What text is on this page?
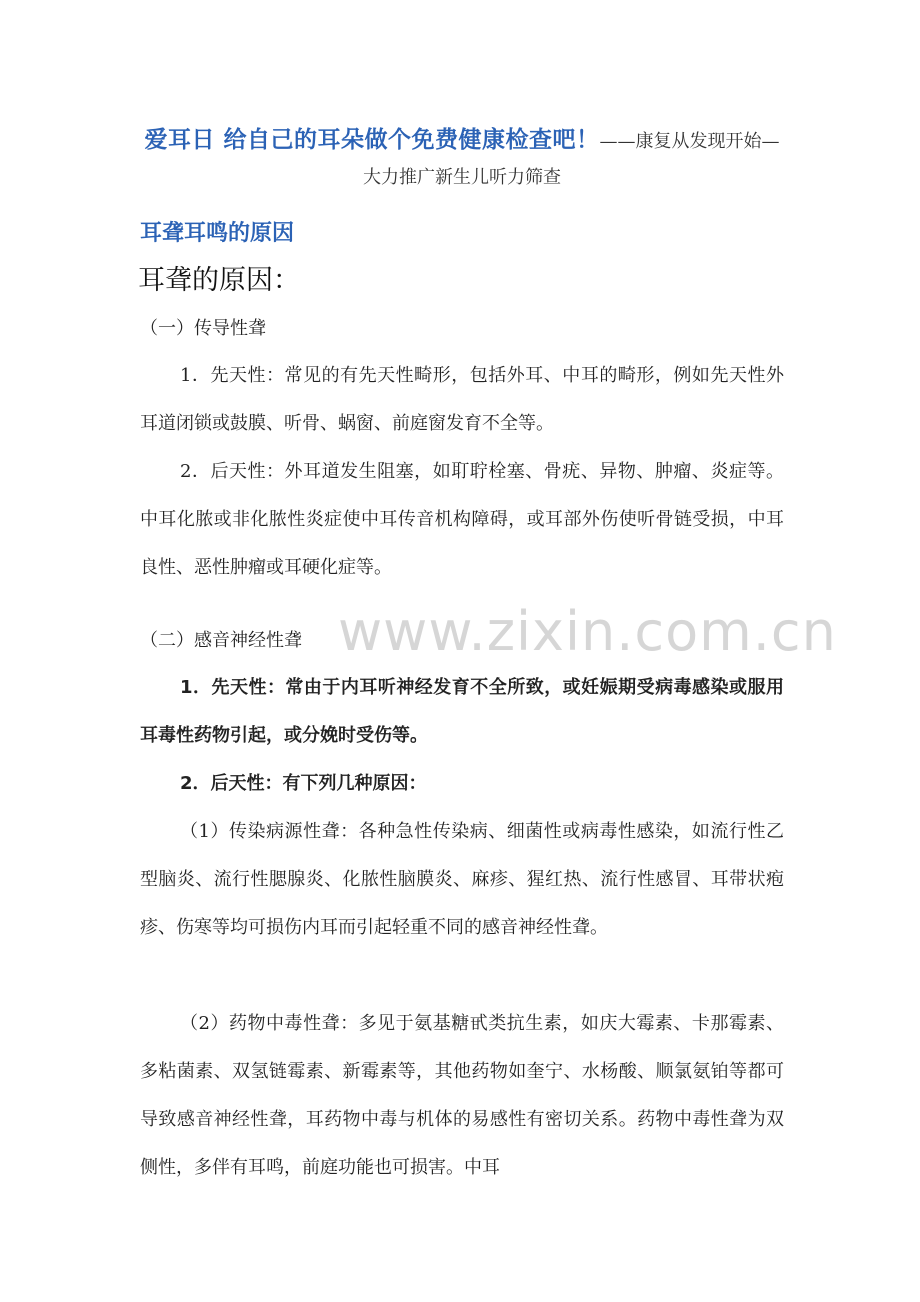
爱耳日 给自己的耳朵做个免费健康检查吧！——康复从发现开始—大力推广新生儿听力筛查
耳聋耳鸣的原因
耳聋的原因：
（一）传导性聋
1．先天性：常见的有先天性畸形，包括外耳、中耳的畸形，例如先天性外耳道闭锁或鼓膜、听骨、蜗窗、前庭窗发育不全等。
2．后天性：外耳道发生阻塞，如耵聍栓塞、骨疣、异物、肿瘤、炎症等。中耳化脓或非化脓性炎症使中耳传音机构障碍，或耳部外伤使听骨链受损，中耳良性、恶性肿瘤或耳硬化症等。
www.zixin.com.cn
（二）感音神经性聋
1．先天性：常由于内耳听神经发育不全所致，或妊娠期受病毒感染或服用耳毒性药物引起，或分娩时受伤等。
2．后天性：有下列几种原因：
（1）传染病源性聋：各种急性传染病、细菌性或病毒性感染，如流行性乙型脑炎、流行性腮腺炎、化脓性脑膜炎、麻疹、猩红热、流行性感冒、耳带状疱疹、伤寒等均可损伤内耳而引起轻重不同的感音神经性聋。
（2）药物中毒性聋：多见于氨基糖甙类抗生素，如庆大霉素、卡那霉素、多粘菌素、双氢链霉素、新霉素等，其他药物如奎宁、水杨酸、顺氯氨铂等都可导致感音神经性聋，耳药物中毒与机体的易感性有密切关系。药物中毒性聋为双侧性，多伴有耳鸣，前庭功能也可损害。中耳
